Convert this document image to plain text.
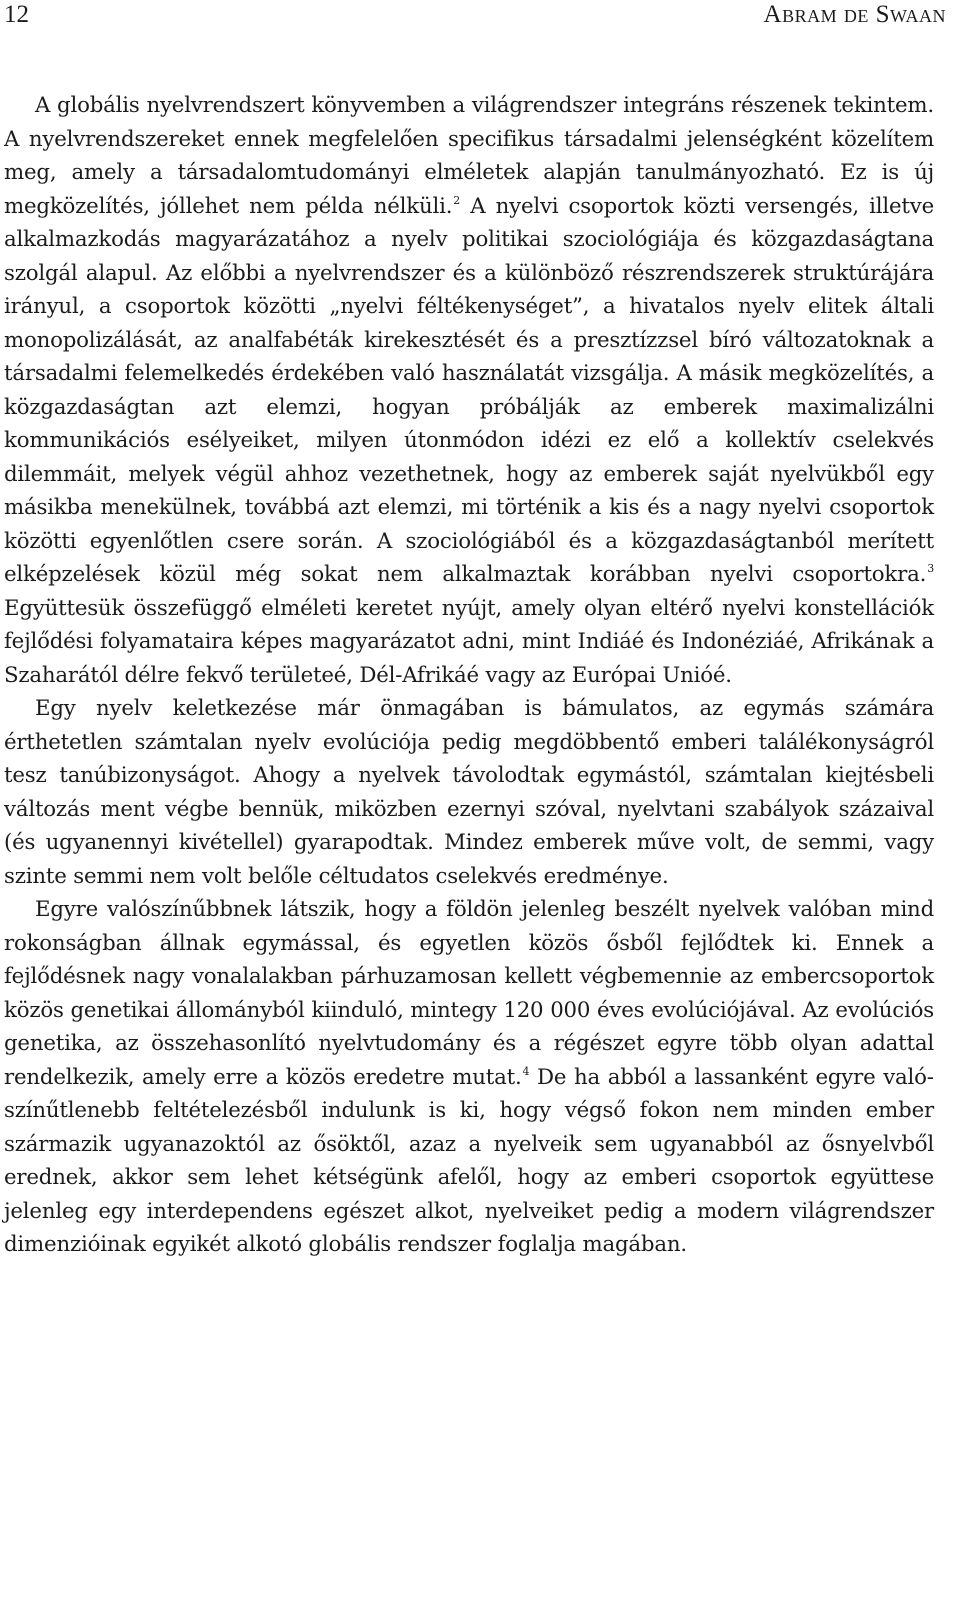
12	Abram de Swaan

A globális nyelvrendszert könyvemben a világrendszer integráns részenek tekintem. A nyelvrendszereket ennek megfelelően specifikus társadalmi jelenségként közelítem meg, amely a társadalomtudományi elméletek alapján tanulmányozható. Ez is új megközelítés, jóllehet nem példa nélküli.$^2$ A nyelvi csoportok közti versengés, illetve alkalmazkodás magyarázatához a nyelv politikai szociológiája és közgazdaságtana szolgál alapul. Az előbbi a nyelvrendszer és a különböző részrendszerek struktúrájára irányul, a csoportok közötti „nyelvi féltékenységet”, a hivatalos nyelv elitek általi monopolizálását, az analfabéták kirekesztését és a presztízzsel bíró változatoknak a társadalmi felemelkedés érdekében való használatát vizsgálja. A másik megközelítés, a közgazdaságtan azt elemzi, hogyan próbálják az emberek maximalizálni kommunikációs esélyeiket, milyen útonmódon idézi ez elő a kollektív cselekvés dilemmáit, melyek végül ahhoz vezethetnek, hogy az emberek saját nyelvükből egy másikba menekülnek, továbbá azt elemzi, mi történik a kis és a nagy nyelvi csoportok közötti egyenlőtlen csere során. A szociológiából és a közgazdaságtanból merített elképzelések közül még sokat nem alkalmaztak korábban nyelvi csoportokra.$^3$ Együttesük összefüggő elméleti keretet nyújt, amely olyan eltérő nyelvi konstellációk fejlődési folyamataira képes magyarázatot adni, mint Indiáé és Indonéziáé, Afrikának a Szaharától délre fekvő területeé, Dél-Afrikáé vagy az Európai Unióé.

Egy nyelv keletkezése már önmagában is bámulatos, az egymás számára érthetetlen számtalan nyelv evolúciója pedig megdöbbentő emberi találékonyságról tesz tanúbizonyságot. Ahogy a nyelvek távolodtak egymástól, számtalan kiejtésbeli változás ment végbe bennük, miközben ezernyi szóval, nyelvtani szabályok százaival (és ugyanennyi kivétellel) gyarapodtak. Mindez emberek műve volt, de semmi, vagy szinte semmi nem volt belőle céltudatos cselekvés eredménye.

Egyre valószínűbbnek látszik, hogy a földön jelenleg beszélt nyelvek valóban mind rokonságban állnak egymással, és egyetlen közös ősből fejlődtek ki. Ennek a fejlődésnek nagy vonalalakban párhuzamosan kellett végbemennie az embercsoportok közös genetikai állományból kiinduló, mintegy 120 000 éves evolúciójával. Az evolúciós genetika, az összehasonlító nyelvtudomány és a régészet egyre több olyan adattal rendelkezik, amely erre a közös eredetre mutat.$^4$ De ha abból a lassanként egyre valószínűtlenebb feltételezésből indulunk is ki, hogy végső fokon nem minden ember származik ugyanazoktól az ősöktől, azaz a nyelveik sem ugyanabból az ősnyelvből erednek, akkor sem lehet kétségünk afelől, hogy az emberi csoportok együttese jelenleg egy interdependens egészet alkot, nyelveiket pedig a modern világrendszer dimenzióinak egyikét alkotó globális rendszer foglalja magában.
